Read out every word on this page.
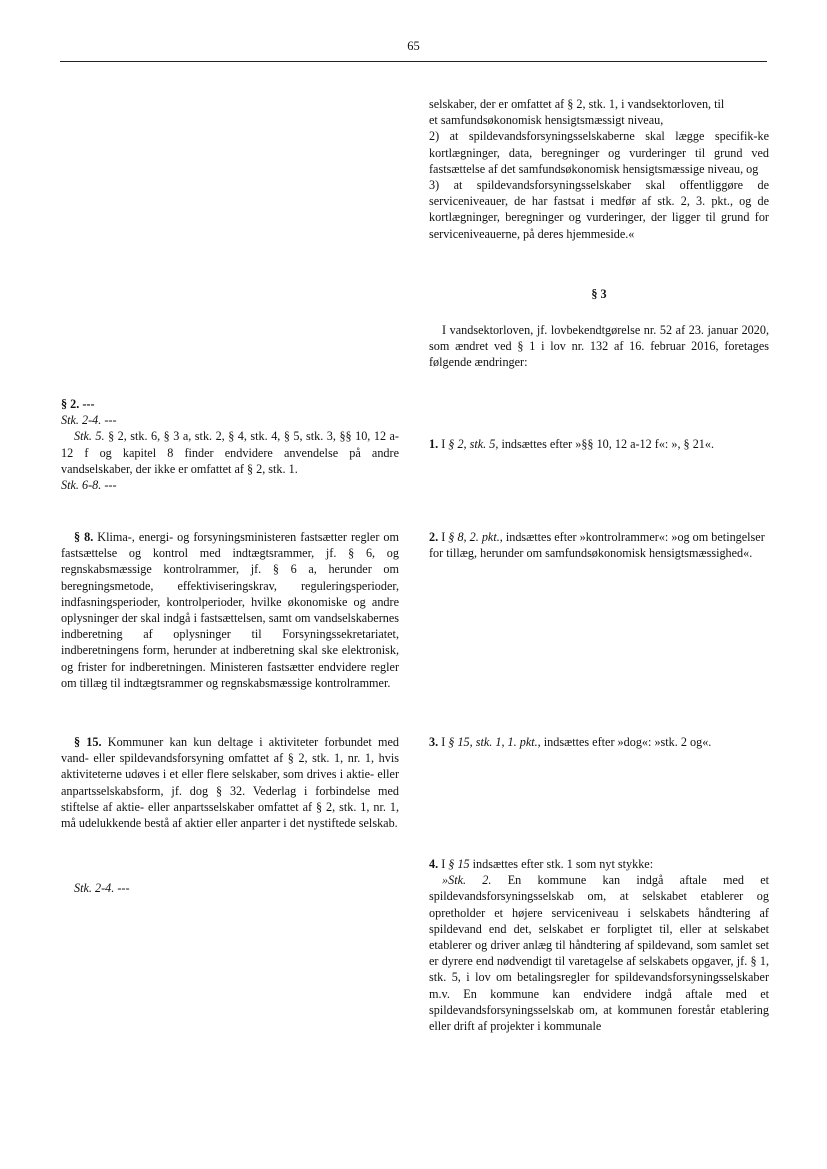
65

selskaber, der er omfattet af § 2, stk. 1, i vandsektorloven, til

et samfundsøkonomisk hensigtsmæssigt niveau,

2) at spildevandsforsyningsselskaberne skal lægge specifik-ke kortlægninger, data, beregninger og vurderinger til grund ved fastsættelse af det samfundsøkonomisk hensigtsmæssige niveau, og

3) at spildevandsforsyningsselskaber skal offentliggøre de serviceniveauer, de har fastsat i medfør af stk. 2, 3. pkt., og de kortlægninger, beregninger og vurderinger, der ligger til grund for serviceniveauerne, på deres hjemmeside.«

§ 3

I vandsektorloven, jf. lovbekendtgørelse nr. 52 af 23. januar 2020, som ændret ved § 1 i lov nr. 132 af 16. februar 2016, foretages følgende ændringer:

§ 2. ---

Stk. 2-4. ---

Stk. 5. § 2, stk. 6, § 3 a, stk. 2, § 4, stk. 4, § 5, stk. 3, §§ 10, 12 a-12 f og kapitel 8 finder endvidere anvendelse på andre vandselskaber, der ikke er omfattet af § 2, stk. 1.

Stk. 6-8. ---

1. I § 2, stk. 5, indsættes efter »§§ 10, 12 a-12 f«: », § 21«.

§ 8. Klima-, energi- og forsyningsministeren fastsætter regler om fastsættelse og kontrol med indtægtsrammer, jf. § 6, og regnskabsmæssige kontrolrammer, jf. § 6 a, herunder om beregningsmetode, effektiviseringskrav, reguleringsperioder, indfasningsperioder, kontrolperioder, hvilke økonomiske og andre oplysninger der skal indgå i fastsættelsen, samt om vandselskabernes indberetning af oplysninger til Forsyningssekretariatet, indberetningens form, herunder at indberetning skal ske elektronisk, og frister for indberetningen. Ministeren fastsætter endvidere regler om tillæg til indtægtsrammer og regnskabsmæssige kontrolrammer.

2. I § 8, 2. pkt., indsættes efter »kontrolrammer«: »og om betingelser for tillæg, herunder om samfundsøkonomisk hensigtsmæssighed«.

§ 15. Kommuner kan kun deltage i aktiviteter forbundet med vand- eller spildevandsforsyning omfattet af § 2, stk. 1, nr. 1, hvis aktiviteterne udøves i et eller flere selskaber, som drives i aktie- eller anpartsselskabsform, jf. dog § 32. Vederlag i forbindelse med stiftelse af aktie- eller anpartsselskaber omfattet af § 2, stk. 1, nr. 1, må udelukkende bestå af aktier eller anparter i det nystiftede selskab.

3. I § 15, stk. 1, 1. pkt., indsættes efter »dog«: »stk. 2 og«.

4. I § 15 indsættes efter stk. 1 som nyt stykke:

»Stk. 2. En kommune kan indgå aftale med et spildevandsforsyningsselskab om, at selskabet etablerer og opretholder et højere serviceniveau i selskabets håndtering af spildevand end det, selskabet er forpligtet til, eller at selskabet etablerer og driver anlæg til håndtering af spildevand, som samlet set er dyrere end nødvendigt til varetagelse af selskabets opgaver, jf. § 1, stk. 5, i lov om betalingsregler for spildevandsforsyningsselskaber m.v. En kommune kan endvidere indgå aftale med et spildevandsforsyningsselskab om, at kommunen forestår etablering eller drift af projekter i kommunale

Stk. 2-4. ---
